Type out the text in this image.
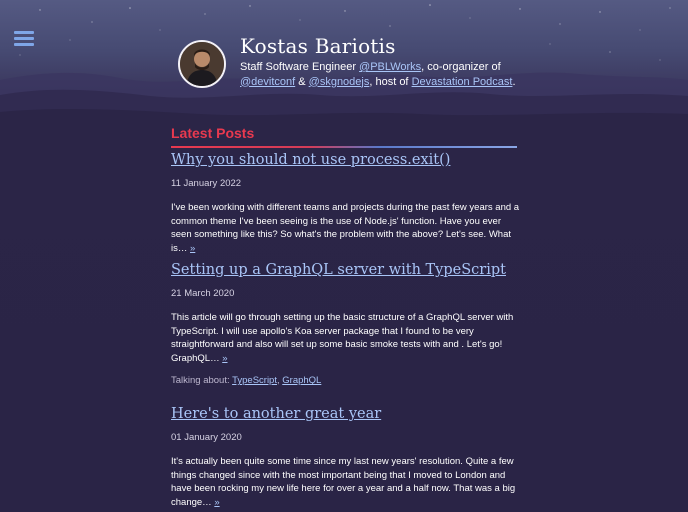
Kostas Bariotis
Staff Software Engineer @PBLWorks, co-organizer of @devitconf & @skgnodejs, host of Devastation Podcast.
Latest Posts
Why you should not use process.exit()
11 January 2022
I've been working with different teams and projects during the past few years and a common theme I've been seeing is the use of Node.js' function. Have you ever seen something like this? So what's the problem with the above? Let's see. What is… »
Setting up a GraphQL server with TypeScript
21 March 2020
This article will go through setting up the basic structure of a GraphQL server with TypeScript. I will use apollo's Koa server package that I found to be very straightforward and also will set up some basic smoke tests with and . Let's go! GraphQL… »
Talking about: TypeScript, GraphQL
Here's to another great year
01 January 2020
It's actually been quite some time since my last new years' resolution. Quite a few things changed since with the most important being that I moved to London and have been rocking my new life here for over a year and a half now. That was a big change… »
